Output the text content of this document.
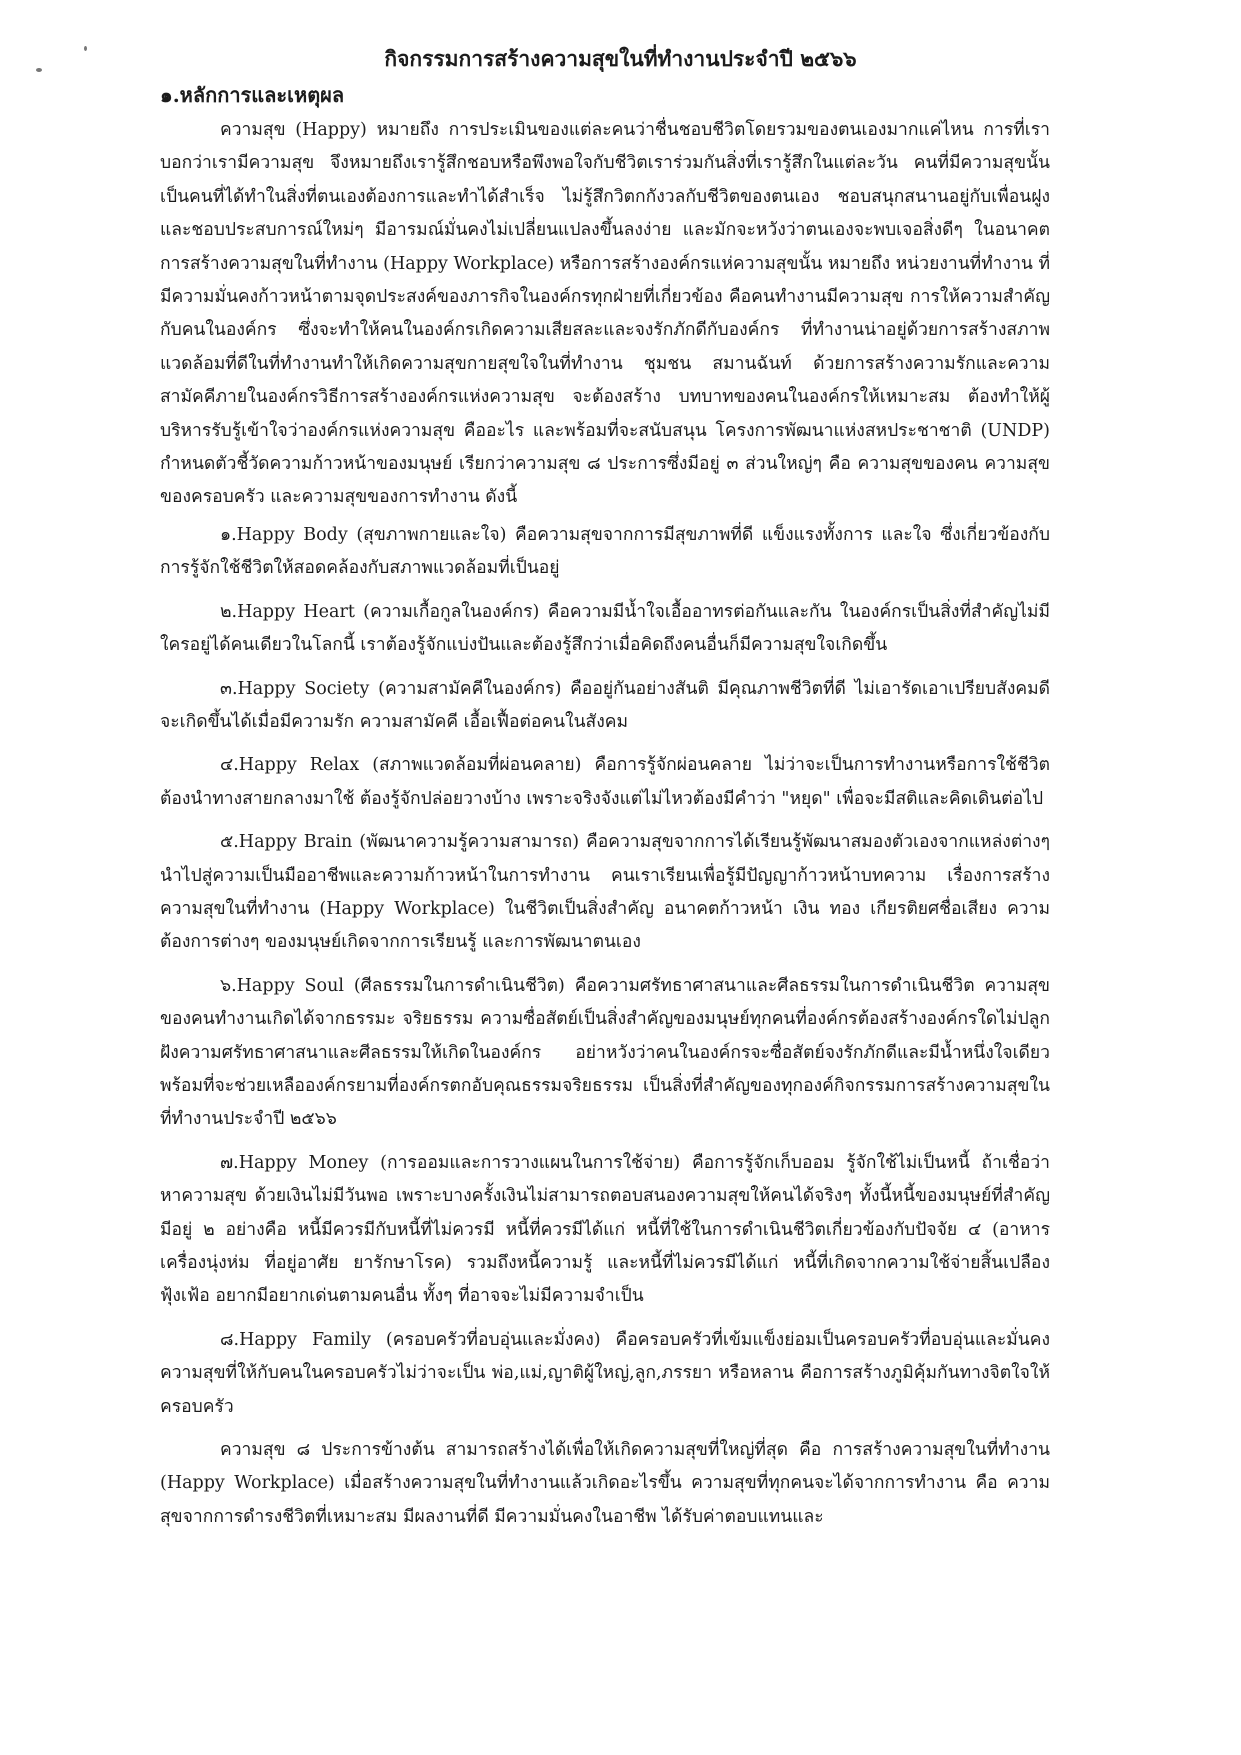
กิจกรรมการสร้างความสุขในที่ทำงานประจำปี ๒๕๖๖
๑.หลักการและเหตุผล

ความสุข (Happy) หมายถึง การประเมินของแต่ละคนว่าชื่นชอบชีวิตโดยรวมของตนเองมากแค่ไหน การที่เราบอกว่าเรามีความสุข จึงหมายถึงเรารู้สึกชอบหรือพึงพอใจกับชีวิตเราร่วมกันสิ่งที่เรารู้สึกในแต่ละวัน คนที่มีความสุขนั้น เป็นคนที่ได้ทำในสิ่งที่ตนเองต้องการและทำได้สำเร็จ ไม่รู้สึกวิตกกังวลกับชีวิตของตนเอง ชอบสนุกสนานอยู่กับเพื่อนฝูง และชอบประสบการณ์ใหม่ๆ มีอารมณ์มั่นคงไม่เปลี่ยนแปลงขึ้นลงง่าย และมักจะหวังว่าตนเองจะพบเจอสิ่งดีๆ ในอนาคต การสร้างความสุขในที่ทำงาน (Happy Workplace) หรือการสร้างองค์กรแห่ความสุขนั้น หมายถึง หน่วยงานที่ทำงาน ที่มีความมั่นคงก้าวหน้าตามจุดประสงค์ของภารกิจในองค์กรทุกฝ่ายที่เกี่ยวข้อง คือคนทำงานมีความสุข การให้ความสำคัญกับคนในองค์กร ซึ่งจะทำให้คนในองค์กรเกิดความเสียสละและจงรักภักดีกับองค์กร ที่ทำงานน่าอยู่ด้วยการสร้างสภาพแวดล้อมที่ดีในที่ทำงานทำให้เกิดความสุขกายสุขใจในที่ทำงาน ชุมชน สมานฉันท์ ด้วยการสร้างความรักและความสามัคคีภายในองค์กรวิธีการสร้างองค์กรแห่งความสุข จะต้องสร้าง บทบาทของคนในองค์กรให้เหมาะสม ต้องทำให้ผู้บริหารรับรู้เข้าใจว่าองค์กรแห่งความสุข คืออะไร และพร้อมที่จะสนับสนุน โครงการพัฒนาแห่งสหประชาชาติ (UNDP) กำหนดตัวชี้วัดความก้าวหน้าของมนุษย์ เรียกว่าความสุข ๘ ประการซึ่งมีอยู่ ๓ ส่วนใหญ่ๆ คือ ความสุขของคน ความสุขของครอบครัว และความสุขของการทำงาน ดังนี้

๑.Happy Body (สุขภาพกายและใจ) คือความสุขจากการมีสุขภาพที่ดี แข็งแรงทั้งการ และใจ ซึ่งเกี่ยวข้องกับการรู้จักใช้ชีวิตให้สอดคล้องกับสภาพแวดล้อมที่เป็นอยู่

๒.Happy Heart (ความเกื้อกูลในองค์กร) คือความมีน้ำใจเอื้ออาทรต่อกันและกัน ในองค์กรเป็นสิ่งที่สำคัญไม่มีใครอยู่ได้คนเดียวในโลกนี้ เราต้องรู้จักแบ่งปันและต้องรู้สึกว่าเมื่อคิดถึงคนอื่นก็มีความสุขใจเกิดขึ้น

๓.Happy Society (ความสามัคคีในองค์กร) คืออยู่กันอย่างสันติ มีคุณภาพชีวิตที่ดี ไม่เอารัดเอาเปรียบสังคมดีจะเกิดขึ้นได้เมื่อมีความรัก ความสามัคคี เอื้อเฟื้อต่อคนในสังคม

๔.Happy Relax (สภาพแวดล้อมที่ผ่อนคลาย) คือการรู้จักผ่อนคลาย ไม่ว่าจะเป็นการทำงานหรือการใช้ชีวิตต้องนำทางสายกลางมาใช้ ต้องรู้จักปล่อยวางบ้าง เพราะจริงจังแต่ไม่ไหวต้องมีคำว่า "หยุด" เพื่อจะมีสติและคิดเดินต่อไป

๕.Happy Brain (พัฒนาความรู้ความสามารถ) คือความสุขจากการได้เรียนรู้พัฒนาสมองตัวเองจากแหล่งต่างๆนำไปสู่ความเป็นมืออาชีพและความก้าวหน้าในการทำงาน คนเราเรียนเพื่อรู้มีปัญญาก้าวหน้าบทความ เรื่องการสร้างความสุขในที่ทำงาน (Happy Workplace) ในชีวิตเป็นสิ่งสำคัญ อนาคตก้าวหน้า เงิน ทอง เกียรติยศชื่อเสียง ความต้องการต่างๆ ของมนุษย์เกิดจากการเรียนรู้ และการพัฒนาตนเอง

๖.Happy Soul (ศีลธรรมในการดำเนินชีวิต) คือความศรัทธาศาสนาและศีลธรรมในการดำเนินชีวิต ความสุขของคนทำงานเกิดได้จากธรรมะ จริยธรรม ความซื่อสัตย์เป็นสิ่งสำคัญของมนุษย์ทุกคนที่องค์กรต้องสร้างองค์กรใดไม่ปลูกฝังความศรัทธาศาสนาและศีลธรรมให้เกิดในองค์กร อย่าหวังว่าคนในองค์กรจะซื่อสัตย์จงรักภักดีและมีน้ำหนึ่งใจเดียว พร้อมที่จะช่วยเหลือองค์กรยามที่องค์กรตกอับคุณธรรมจริยธรรม เป็นสิ่งที่สำคัญของทุกองค์กิจกรรมการสร้างความสุขในที่ทำงานประจำปี ๒๕๖๖

๗.Happy Money (การออมและการวางแผนในการใช้จ่าย) คือการรู้จักเก็บออม รู้จักใช้ไม่เป็นหนี้ ถ้าเชื่อว่าหาความสุข ด้วยเงินไม่มีวันพอ เพราะบางครั้งเงินไม่สามารถตอบสนองความสุขให้คนได้จริงๆ ทั้งนี้หนี้ของมนุษย์ที่สำคัญ มีอยู่ ๒ อย่างคือ หนี้มีควรมีกับหนี้ที่ไม่ควรมี หนี้ที่ควรมีได้แก่ หนี้ที่ใช้ในการดำเนินชีวิตเกี่ยวข้องกับปัจจัย ๔ (อาหาร เครื่องนุ่งห่ม ที่อยู่อาศัย ยารักษาโรค) รวมถึงหนี้ความรู้ และหนี้ที่ไม่ควรมีได้แก่ หนี้ที่เกิดจากความใช้จ่ายสิ้นเปลือง ฟุ้งเฟ้อ อยากมีอยากเด่นตามคนอื่น ทั้งๆ ที่อาจจะไม่มีความจำเป็น

๘.Happy Family (ครอบครัวที่อบอุ่นและมั่งคง) คือครอบครัวที่เข้มแข็งย่อมเป็นครอบครัวที่อบอุ่นและมั่นคง ความสุขที่ให้กับคนในครอบครัวไม่ว่าจะเป็น พ่อ,แม่,ญาติผู้ใหญ่,ลูก,ภรรยา หรือหลาน คือการสร้างภูมิคุ้มกันทางจิตใจให้ครอบครัว

ความสุข ๘ ประการข้างต้น สามารถสร้างได้เพื่อให้เกิดความสุขที่ใหญ่ที่สุด คือ การสร้างความสุขในที่ทำงาน (Happy Workplace) เมื่อสร้างความสุขในที่ทำงานแล้วเกิดอะไรขึ้น ความสุขที่ทุกคนจะได้จากการทำงาน คือ ความสุขจากการดำรงชีวิตที่เหมาะสม มีผลงานที่ดี มีความมั่นคงในอาชีพ ได้รับค่าตอบแทนและ
